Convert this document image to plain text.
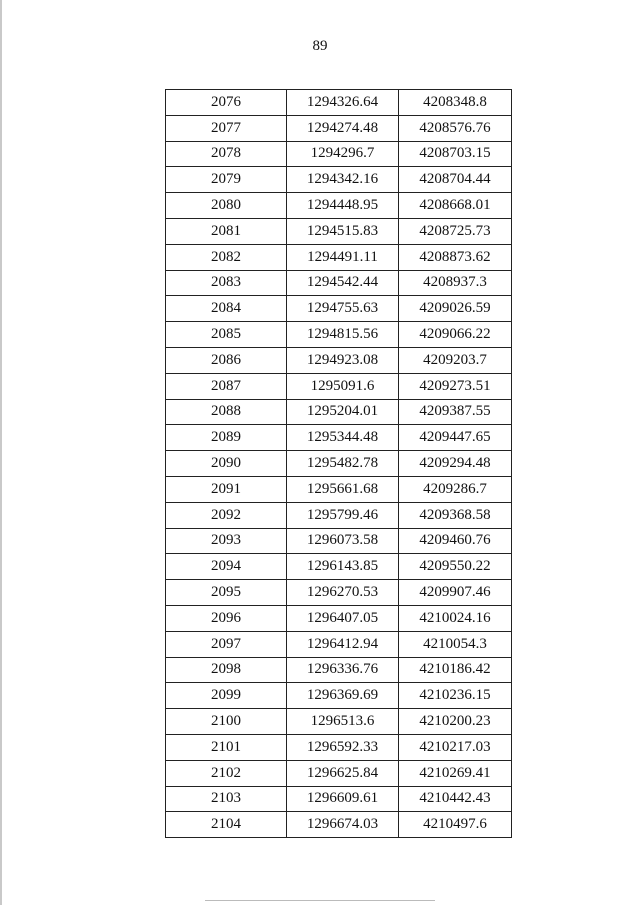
89
2076	1294326.64	4208348.8
2077	1294274.48	4208576.76
2078	1294296.7	4208703.15
2079	1294342.16	4208704.44
2080	1294448.95	4208668.01
2081	1294515.83	4208725.73
2082	1294491.11	4208873.62
2083	1294542.44	4208937.3
2084	1294755.63	4209026.59
2085	1294815.56	4209066.22
2086	1294923.08	4209203.7
2087	1295091.6	4209273.51
2088	1295204.01	4209387.55
2089	1295344.48	4209447.65
2090	1295482.78	4209294.48
2091	1295661.68	4209286.7
2092	1295799.46	4209368.58
2093	1296073.58	4209460.76
2094	1296143.85	4209550.22
2095	1296270.53	4209907.46
2096	1296407.05	4210024.16
2097	1296412.94	4210054.3
2098	1296336.76	4210186.42
2099	1296369.69	4210236.15
2100	1296513.6	4210200.23
2101	1296592.33	4210217.03
2102	1296625.84	4210269.41
2103	1296609.61	4210442.43
2104	1296674.03	4210497.6
